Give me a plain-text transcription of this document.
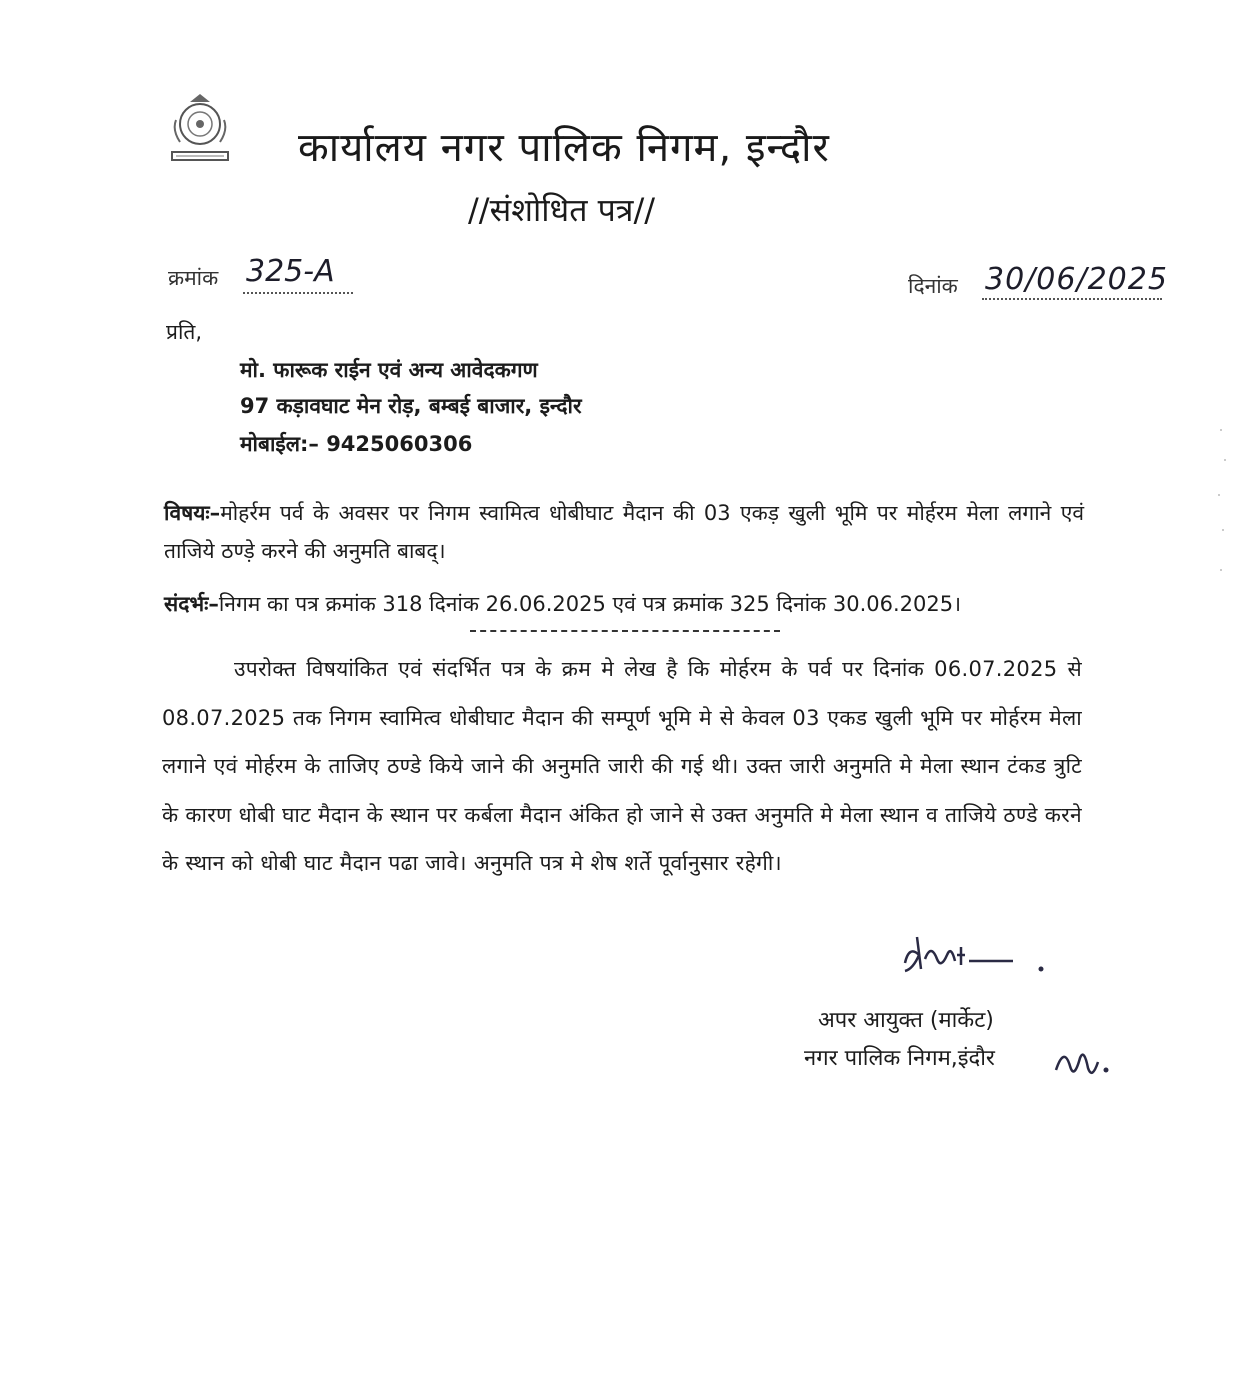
कार्यालय नगर पालिक निगम, इन्दौर
//संशोधित पत्र//
क्रमांक 325-A	दिनांक 30/06/2025
प्रति,
मो. फारूक राईन एवं अन्य आवेदकगण
97 कड़ावघाट मेन रोड़, बम्बई बाजार, इन्दौर
मोबाईल:– 9425060306
विषयः–मोहर्रम पर्व के अवसर पर निगम स्वामित्व धोबीघाट मैदान की 03 एकड़ खुली भूमि पर मोर्हरम मेला लगाने एवं ताजिये ठण्ड़े करने की अनुमति बाबद्।
संदर्भः–निगम का पत्र क्रमांक 318 दिनांक 26.06.2025 एवं पत्र क्रमांक 325 दिनांक 30.06.2025।
उपरोक्त विषयांकित एवं संदर्भित पत्र के क्रम मे लेख है कि मोर्हरम के पर्व पर दिनांक 06.07.2025 से 08.07.2025 तक निगम स्वामित्व धोबीघाट मैदान की सम्पूर्ण भूमि मे से केवल 03 एकड खुली भूमि पर मोर्हरम मेला लगाने एवं मोर्हरम के ताजिए ठण्डे किये जाने की अनुमति जारी की गई थी। उक्त जारी अनुमति मे मेला स्थान टंकड त्रुटि के कारण धोबी घाट मैदान के स्थान पर कर्बला मैदान अंकित हो जाने से उक्त अनुमति मे मेला स्थान व ताजिये ठण्डे करने के स्थान को धोबी घाट मैदान पढा जावे। अनुमति पत्र मे शेष शर्ते पूर्वानुसार रहेगी।
अपर आयुक्त (मार्केट)
नगर पालिक निगम,इंदौर
